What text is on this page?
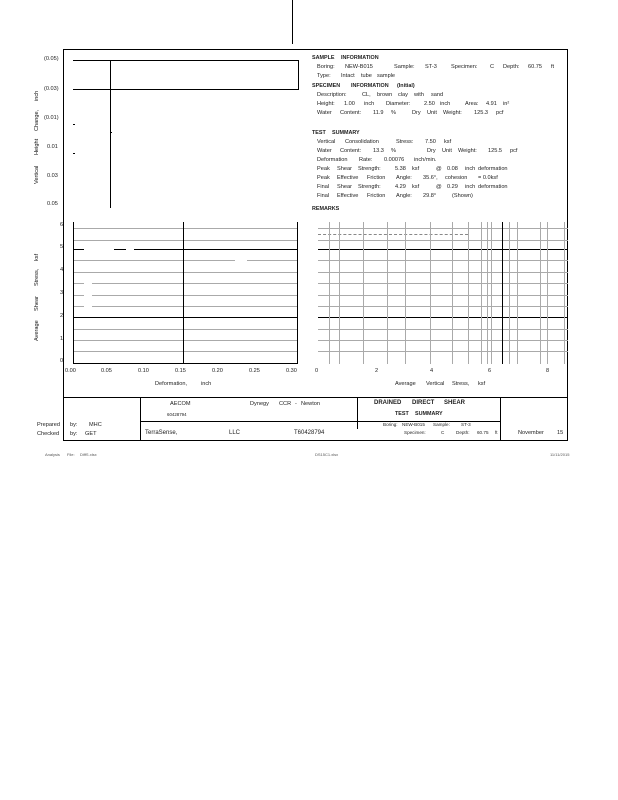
(0.05)
(0.03)
(0.01)
0.01
0.03
0.05
Vertical
Height
Change,
inch
SAMPLE INFORMATION
Boring: NEW-B015	Sample: ST-3	Specimen: C Depth: 60.75 ft
Type: Intact tube sample
SPECIMEN INFORMATION (Initial)
Description:	CL, brown clay with sand
Height: 1.00 inch Diameter: 2.50 inch	Area: 4.91 in²
Water Content: 11.9 %	Dry Unit Weight: 125.3 pcf
TEST SUMMARY
Vertical Consolidation	Stress: 7.50 ksf
Water Content: 13.3 %	Dry Unit Weight: 125.5 pcf
Deformation Rate: 0.00076 inch/min.
Peak Shear Strength:	5.38 ksf	@ 0.08 inch deformation
Peak Effective Friction Angle: 35.6°, cohesion = 0.0ksf
Final Shear Strength:	4.29 ksf	@ 0.29 inch deformation
Final Effective Friction Angle: 29.8°	(Shown)
REMARKS
0
1
2
3
4
5
6
Average
Shear
Stress,
ksf
0.00	0.05	0.10	0.15	0.20	0.25	0.30
Deformation, inch
0	2	4	6	8
Average Vertical Stress, ksf
AECOM
60428794
Dynegy CCR - Newton	DRAINED DIRECT SHEAR
TEST SUMMARY
Boring: NEW-B015 Sample: ST-3
Specimen:	C	Depth: 60.75 ft
Prepared by: MHC
Checked by: GET	TerraSense,	LLC	T60428794	November 15
Analysis File: DiffS.xlsx	DS15C1.xlsx	11/11/2015
